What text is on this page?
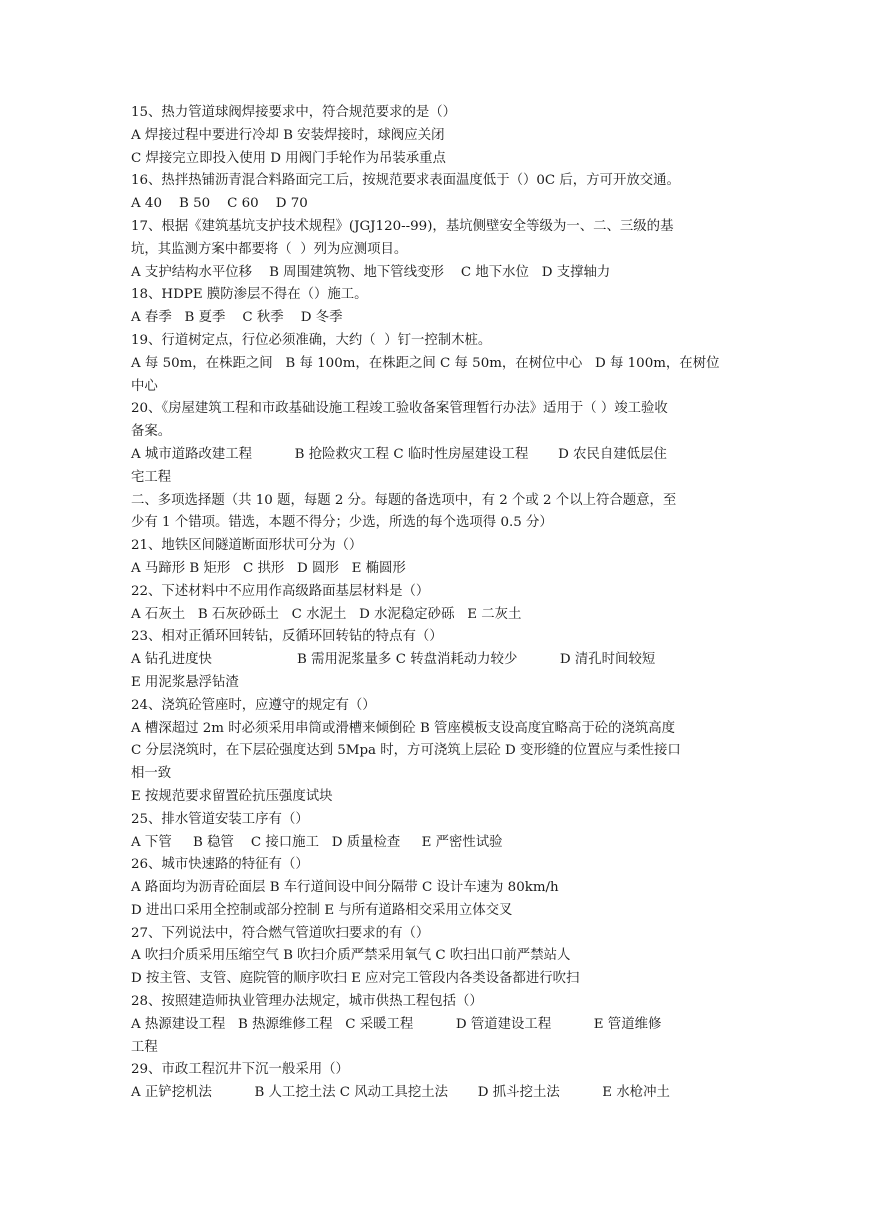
15、热力管道球阀焊接要求中，符合规范要求的是（）
A 焊接过程中要进行冷却 B 安装焊接时，球阀应关闭
C 焊接完立即投入使用 D 用阀门手轮作为吊装承重点
16、热拌热铺沥青混合料路面完工后，按规范要求表面温度低于（）0C 后，方可开放交通。
A 40    B 50    C 60    D 70
17、根据《建筑基坑支护技术规程》(JGJ120--99)，基坑侧壁安全等级为一、二、三级的基
坑，其监测方案中都要将（  ）列为应测项目。
A 支护结构水平位移    B 周围建筑物、地下管线变形    C 地下水位   D 支撑轴力
18、HDPE 膜防渗层不得在（）施工。
A 春季   B 夏季    C 秋季    D 冬季
19、行道树定点，行位必须准确，大约（  ）钉一控制木桩。
A 每 50m，在株距之间   B 每 100m，在株距之间 C 每 50m，在树位中心   D 每 100m，在树位
中心
20、《房屋建筑工程和市政基础设施工程竣工验收备案管理暂行办法》适用于（ ）竣工验收
备案。
A 城市道路改建工程          B 抢险救灾工程 C 临时性房屋建设工程       D 农民自建低层住
宅工程
二、多项选择题（共 10 题，每题 2 分。每题的备选项中，有 2 个或 2 个以上符合题意，至
少有 1 个错项。错选，本题不得分；少选，所选的每个选项得 0.5 分）
21、地铁区间隧道断面形状可分为（）
A 马蹄形 B 矩形   C 拱形   D 圆形   E 椭圆形
22、下述材料中不应用作高级路面基层材料是（）
A 石灰土   B 石灰砂砾土   C 水泥土   D 水泥稳定砂砾   E 二灰土
23、相对正循环回转钻，反循环回转钻的特点有（）
A 钻孔进度快                    B 需用泥浆量多 C 转盘消耗动力较少          D 清孔时间较短
E 用泥浆悬浮钻渣
24、浇筑砼管座时，应遵守的规定有（）
A 槽深超过 2m 时必须采用串筒或滑槽来倾倒砼 B 管座模板支设高度宜略高于砼的浇筑高度
C 分层浇筑时，在下层砼强度达到 5Mpa 时，方可浇筑上层砼 D 变形缝的位置应与柔性接口
相一致
E 按规范要求留置砼抗压强度试块
25、排水管道安装工序有（）
A 下管     B 稳管    C 接口施工   D 质量检查     E 严密性试验
26、城市快速路的特征有（）
A 路面均为沥青砼面层 B 车行道间设中间分隔带 C 设计车速为 80km/h
D 进出口采用全控制或部分控制 E 与所有道路相交采用立体交叉
27、下列说法中，符合燃气管道吹扫要求的有（）
A 吹扫介质采用压缩空气 B 吹扫介质严禁采用氧气 C 吹扫出口前严禁站人
D 按主管、支管、庭院管的顺序吹扫 E 应对完工管段内各类设备都进行吹扫
28、按照建造师执业管理办法规定，城市供热工程包括（）
A 热源建设工程   B 热源维修工程   C 采暖工程          D 管道建设工程          E 管道维修
工程
29、市政工程沉井下沉一般采用（）
A 正铲挖机法          B 人工挖土法 C 风动工具挖土法       D 抓斗挖土法          E 水枪冲土
